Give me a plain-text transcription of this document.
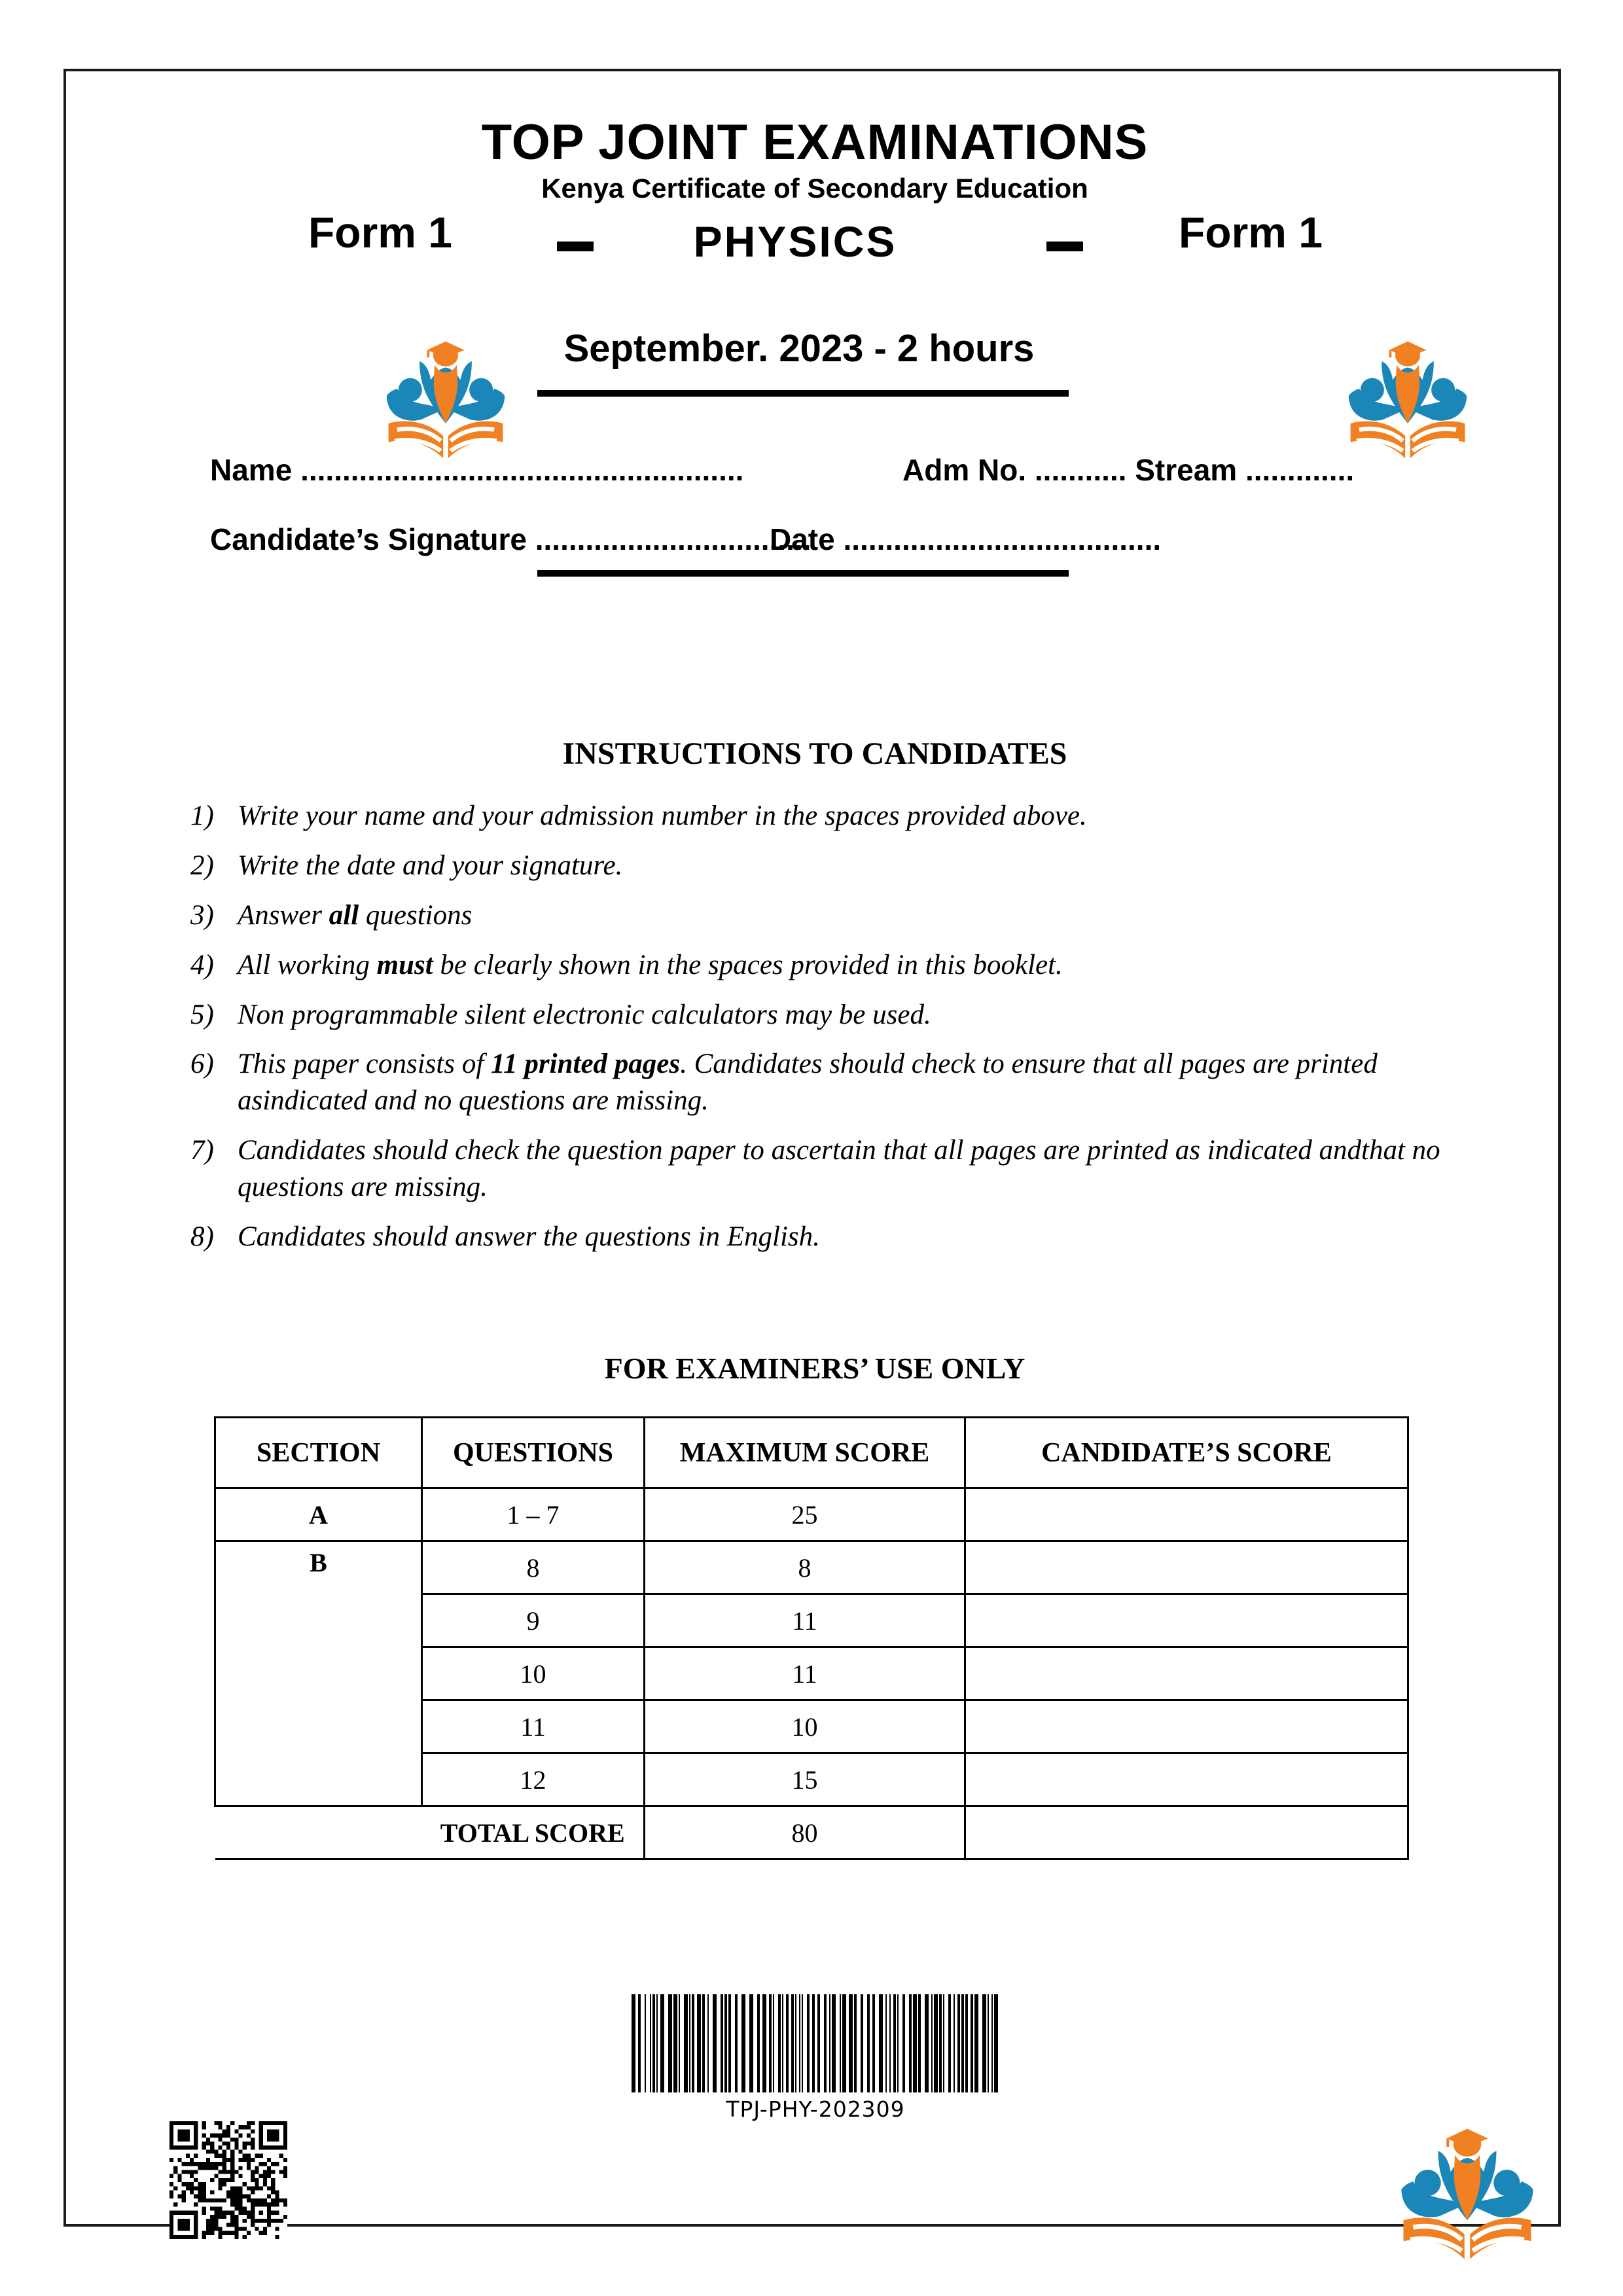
TOP JOINT EXAMINATIONS
Kenya Certificate of Secondary Education
Form 1	PHYSICS	Form 1
September. 2023 - 2 hours
Name .....................................................	Adm No. ........... Stream .............
Candidate’s Signature .................................
Date ......................................
INSTRUCTIONS TO CANDIDATES
1) Write your name and your admission number in the spaces provided above.
2) Write the date and your signature.
3) Answer all questions
4) All working must be clearly shown in the spaces provided in this booklet.
5) Non programmable silent electronic calculators may be used.
6) This paper consists of 11 printed pages. Candidates should check to ensure that all pages are printed asindicated and no questions are missing.
7) Candidates should check the question paper to ascertain that all pages are printed as indicated andthat no questions are missing.
8) Candidates should answer the questions in English.
FOR EXAMINERS’ USE ONLY
SECTION	QUESTIONS	MAXIMUM SCORE	CANDIDATE’S SCORE
A	1 – 7	25	
B	8	8	
	9	11	
	10	11	
	11	10	
	12	15	
	TOTAL SCORE	80	
TPJ-PHY-202309
